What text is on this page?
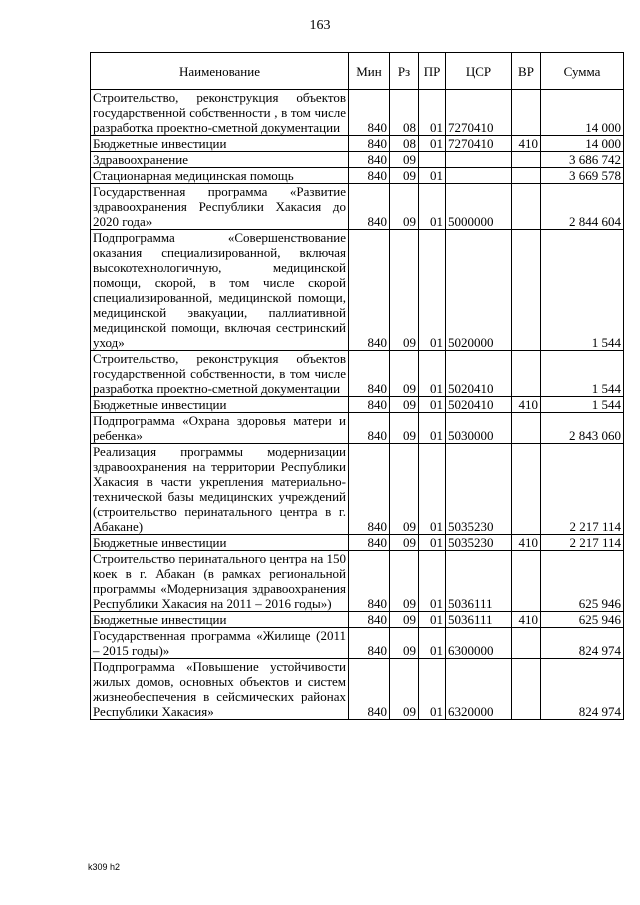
163
Наименование	Мин	Рз	ПР	ЦСР	ВР	Сумма

Строительство, реконструкция объектов государственной собственности , в том числе разработка проектно-сметной документации	840	08	01	7270410		14 000

Бюджетные инвестиции	840	08	01	7270410	410	14 000

Здравоохранение	840	09				3 686 742

Стационарная медицинская помощь	840	09	01			3 669 578

Государственная программа «Развитие здравоохранения Республики Хакасия до 2020 года»	840	09	01	5000000		2 844 604

Подпрограмма «Совершенствование оказания специализированной, включая высокотехнологичную, медицинской помощи, скорой, в том числе скорой специализированной, медицинской помощи, медицинской эвакуации, паллиативной медицинской помощи, включая сестринский уход»	840	09	01	5020000		1 544

Строительство, реконструкция объектов государственной собственности, в том числе разработка проектно-сметной документации	840	09	01	5020410		1 544

Бюджетные инвестиции	840	09	01	5020410	410	1 544

Подпрограмма «Охрана здоровья матери и ребенка»	840	09	01	5030000		2 843 060

Реализация программы модернизации здравоохранения на территории Республики Хакасия в части укрепления материально-технической базы медицинских учреждений (строительство перинатального центра в г. Абакане)	840	09	01	5035230		2 217 114

Бюджетные инвестиции	840	09	01	5035230	410	2 217 114

Строительство перинатального центра на 150 коек в г. Абакан (в рамках региональной программы «Модернизация здравоохранения Республики Хакасия на 2011 – 2016 годы»)	840	09	01	5036111		625 946

Бюджетные инвестиции	840	09	01	5036111	410	625 946

Государственная программа «Жилище (2011 – 2015 годы)»	840	09	01	6300000		824 974

Подпрограмма «Повышение устойчивости жилых домов, основных объектов и систем жизнеобеспечения в сейсмических районах Республики Хакасия»	840	09	01	6320000		824 974
k309 h2
